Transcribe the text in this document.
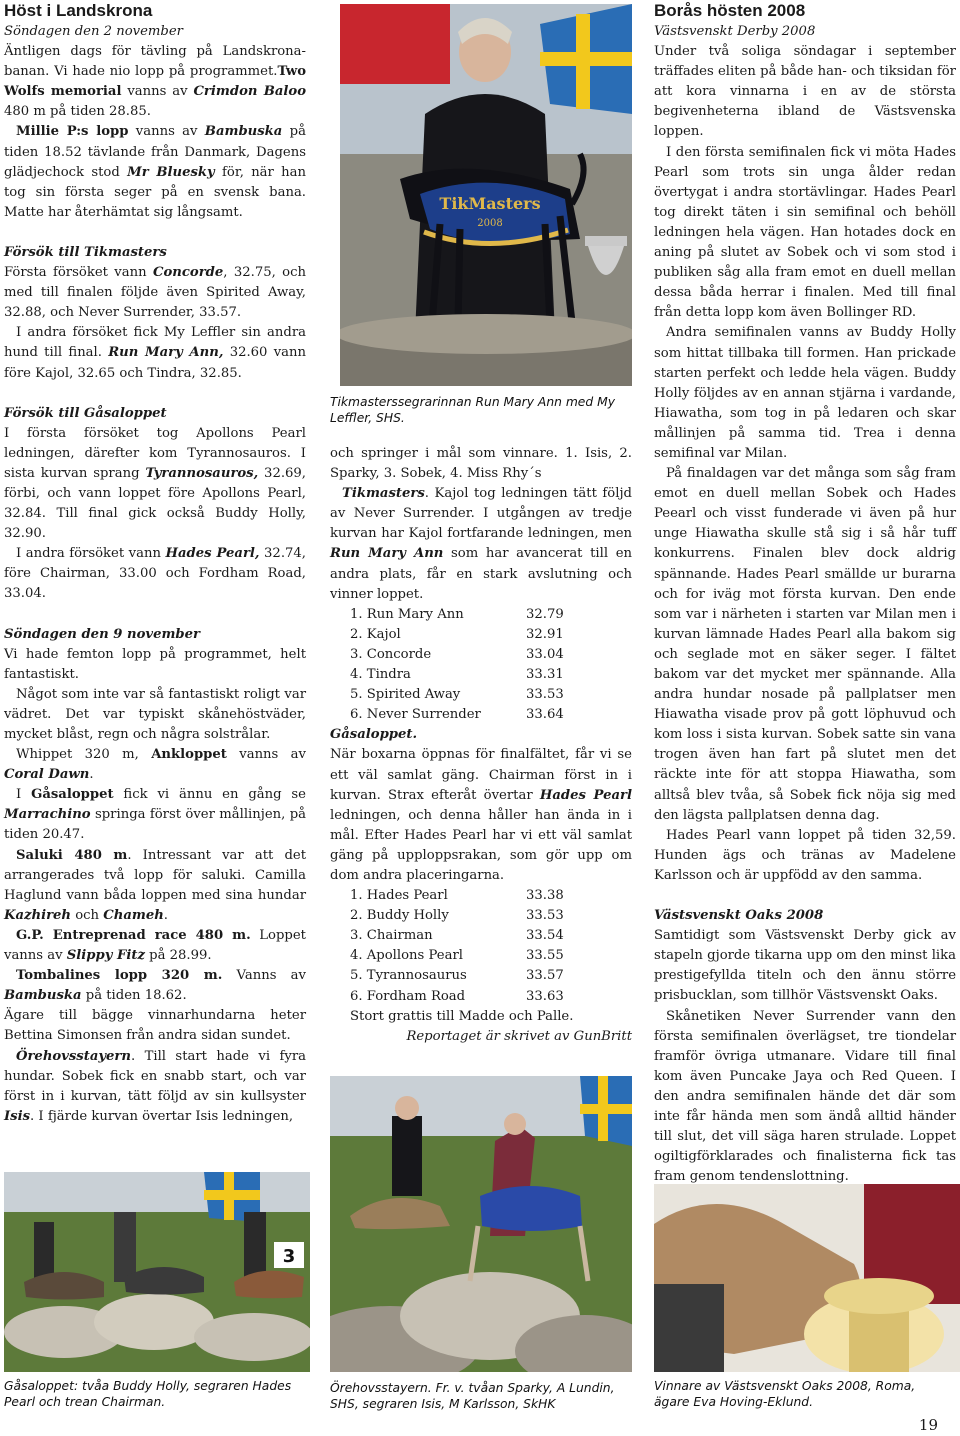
Höst i Landskrona

Söndagen den 2 november

Äntligen dags för tävling på Landskrona-banan. Vi hade nio lopp på programmet.Two Wolfs memorial vanns av Crimdon Baloo 480 m på tiden 28.85.

Millie P:s lopp vanns av Bambuska på tiden 18.52 tävlande från Danmark, Dagens glädjechock stod Mr Bluesky för, när han tog sin första seger på en svensk bana. Matte har återhämtat sig långsamt.

Försök till Tikmasters

Första försöket vann Concorde, 32.75, och med till finalen följde även Spirited Away, 32.88, och Never Surrender, 33.57.

I andra försöket fick My Leffler sin andra hund till final. Run Mary Ann, 32.60 vann före Kajol, 32.65 och Tindra, 32.85.

Försök till Gåsaloppet

I första försöket tog Apollons Pearl ledningen, därefter kom Tyrannosauros. I sista kurvan sprang Tyrannosauros, 32.69, förbi, och vann loppet före Apollons Pearl, 32.84. Till final gick också Buddy Holly, 32.90.

I andra försöket vann Hades Pearl, 32.74, före Chairman, 33.00 och Fordham Road, 33.04.

Söndagen den 9 november

Vi hade femton lopp på programmet, helt fantastiskt.

Något som inte var så fantastiskt roligt var vädret. Det var typiskt skånehöstväder, mycket blåst, regn och några solstrålar.

Whippet 320 m, Ankloppet vanns av Coral Dawn.

I Gåsaloppet fick vi ännu en gång se Marrachino springa först över mållinjen, på tiden 20.47.

Saluki 480 m. Intressant var att det arrangerades två lopp för saluki. Camilla Haglund vann båda loppen med sina hundar Kazhireh och Chameh.

G.P. Entreprenad race 480 m. Loppet vanns av Slippy Fitz på 28.99.

Tombalines lopp 320 m. Vanns av Bambuska på tiden 18.62.

Ägare till bägge vinnarhundarna heter Bettina Simonsen från andra sidan sundet.

Örehovsstayern. Till start hade vi fyra hundar. Sobek fick en snabb start, och var först in i kurvan, tätt följd av sin kullsyster Isis. I fjärde kurvan övertar Isis ledningen,

TikMasters
2008
Tikmasterssegrarinnan Run Mary Ann med My Leffler, SHS.

och springer i mål som vinnare. 1. Isis, 2. Sparky, 3. Sobek, 4. Miss Rhy´s

Tikmasters. Kajol tog ledningen tätt följd av Never Surrender. I utgången av tredje kurvan har Kajol fortfarande ledningen, men Run Mary Ann som har avancerat till en andra plats, får en stark avslutning och vinner loppet.

1. Run Mary Ann	32.79
2. Kajol	32.91
3. Concorde	33.04
4. Tindra	33.31
5. Spirited Away	33.53
6. Never Surrender	33.64

Gåsaloppet.

När boxarna öppnas för finalfältet, får vi se ett väl samlat gäng. Chairman först in i kurvan. Strax efteråt övertar Hades Pearl ledningen, och denna håller han ända in i mål. Efter Hades Pearl har vi ett väl samlat gäng på upploppsrakan, som gör upp om dom andra placeringarna.

1. Hades Pearl	33.38
2. Buddy Holly	33.53
3. Chairman	33.54
4. Apollons Pearl	33.55
5. Tyrannosaurus	33.57
6. Fordham Road	33.63

Stort grattis till Madde och Palle.

Reportaget är skrivet av GunBritt

Örehovsstayern. Fr. v. tvåan Sparky, A Lundin, SHS, segraren Isis, M Karlsson, SkHK
Borås hösten 2008

Västsvenskt Derby 2008

Under två soliga söndagar i september träffades eliten på både han- och tiksidan för att kora vinnarna i en av de största begivenheterna ibland de Västsvenska loppen.

I den första semifinalen fick vi möta Hades Pearl som trots sin unga ålder redan övertygat i andra stortävlingar. Hades Pearl tog direkt täten i sin semifinal och behöll ledningen hela vägen. Han hotades dock en aning på slutet av Sobek och vi som stod i publiken såg alla fram emot en duell mellan dessa båda herrar i finalen. Med till final från detta lopp kom även Bollinger RD.

Andra semifinalen vanns av Buddy Holly som hittat tillbaka till formen. Han prickade starten perfekt och ledde hela vägen. Buddy Holly följdes av en annan stjärna i vardande, Hiawatha, som tog in på ledaren och skar mållinjen på samma tid. Trea i denna semifinal var Milan.

På finaldagen var det många som såg fram emot en duell mellan Sobek och Hades Peearl och visst funderade vi även på hur unge Hiawatha skulle stå sig i så hår tuff konkurrens. Finalen blev dock aldrig spännande. Hades Pearl smällde ur burarna och for iväg mot första kurvan. Den ende som var i närheten i starten var Milan men i kurvan lämnade Hades Pearl alla bakom sig och seglade mot en säker seger. I fältet bakom var det mycket mer spännande. Alla andra hundar nosade på pallplatser men Hiawatha visade prov på gott löphuvud och kom loss i sista kurvan. Sobek satte sin vana trogen även han fart på slutet men det räckte inte för att stoppa Hiawatha, som alltså blev tvåa, så Sobek fick nöja sig med den lägsta pallplatsen denna dag.

Hades Pearl vann loppet på tiden 32,59. Hunden ägs och tränas av Madelene Karlsson och är uppfödd av den samma.

Västsvenskt Oaks 2008

Samtidigt som Västsvenskt Derby gick av stapeln gjorde tikarna upp om den minst lika prestigefyllda titeln och den ännu större prisbucklan, som tillhör Västsvenskt Oaks.

Skånetiken Never Surrender vann den första semifinalen överlägset, tre tiondelar framför övriga utmanare. Vidare till final kom även Puncake Jaya och Red Queen. I den andra semifinalen hände det där som inte får hända men som ändå alltid händer till slut, det vill säga haren strulade. Loppet ogiltigförklarades och finalisterna fick tas fram genom tendenslottning.

Vinnare av Västsvenskt Oaks 2008, Roma, ägare Eva Hoving-Eklund.
3
Gåsaloppet: tvåa Buddy Holly, segraren Hades Pearl och trean Chairman.
19
